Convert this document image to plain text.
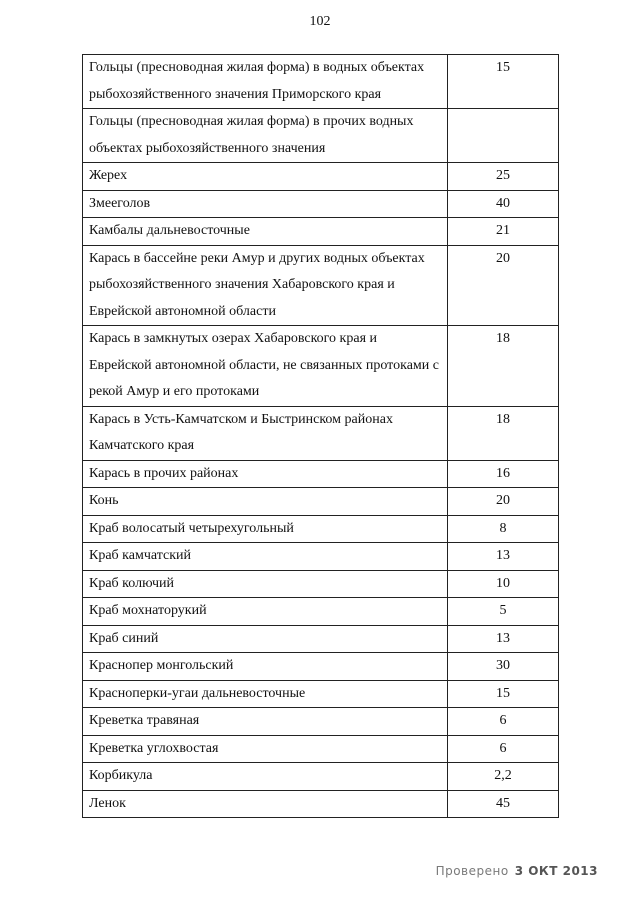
102
Гольцы (пресноводная жилая форма) в водных объектах рыбохозяйственного значения Приморского края	15
Гольцы (пресноводная жилая форма) в прочих водных объектах рыбохозяйственного значения	
Жерех	25
Змееголов	40
Камбалы дальневосточные	21
Карась в бассейне реки Амур и других водных объектах рыбохозяйственного значения Хабаровского края и Еврейской автономной области	20
Карась в замкнутых озерах Хабаровского края и Еврейской автономной области, не связанных протоками с рекой Амур и его протоками	18
Карась в Усть-Камчатском и Быстринском районах Камчатского края	18
Карась в прочих районах	16
Конь	20
Краб волосатый четырехугольный	8
Краб камчатский	13
Краб колючий	10
Краб мохнаторукий	5
Краб синий	13
Краснопер монгольский	30
Красноперки-угаи дальневосточные	15
Креветка травяная	6
Креветка углохвостая	6
Корбикула	2,2
Ленок	45
Проверено 3 ОКТ 2013
